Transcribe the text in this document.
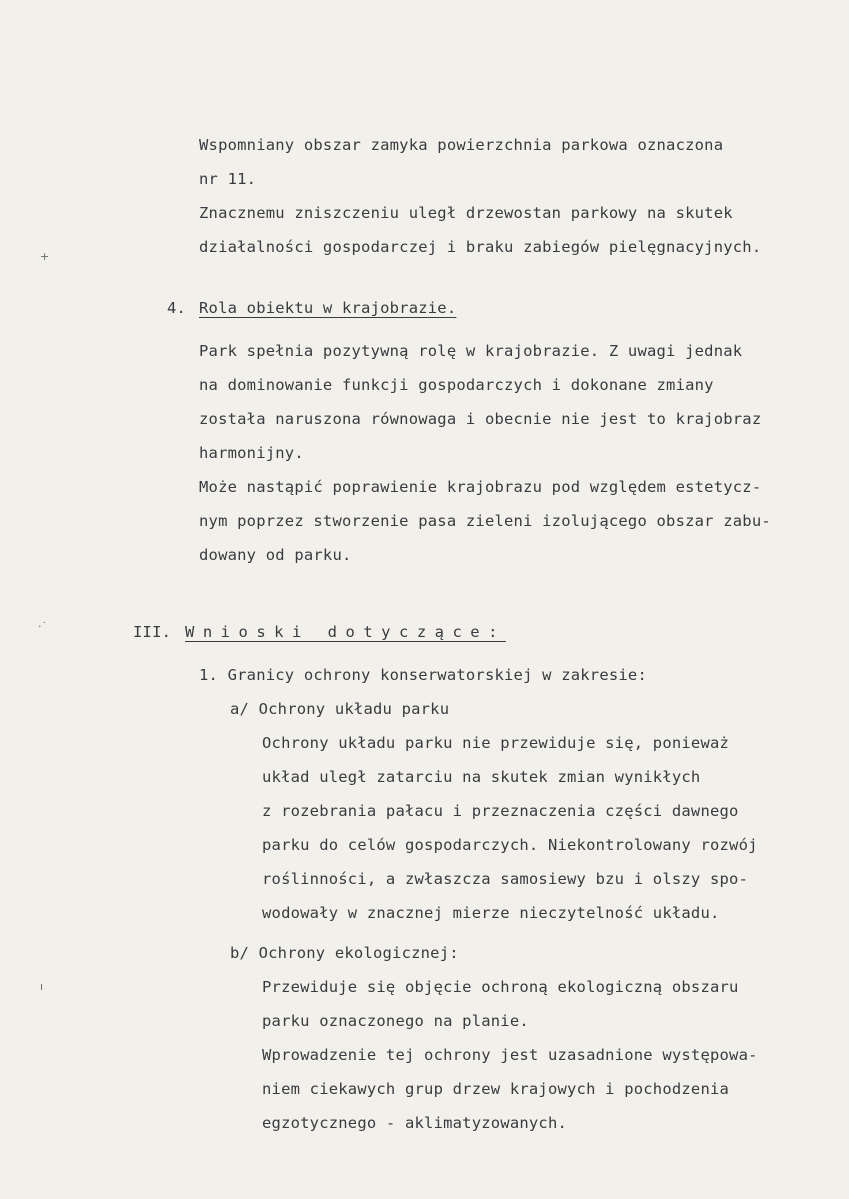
Wspomniany obszar zamyka powierzchnia parkowa oznaczona
nr 11.
Znacznemu zniszczeniu uległ drzewostan parkowy na skutek
działalności gospodarczej i braku zabiegów pielęgnacyjnych.
4. Rola obiektu w krajobrazie.
Park spełnia pozytywną rolę w krajobrazie. Z uwagi jednak
na dominowanie funkcji gospodarczych i dokonane zmiany
została naruszona równowaga i obecnie nie jest to krajobraz
harmonijny.
Może nastąpić poprawienie krajobrazu pod względem estetycz-
nym poprzez stworzenie pasa zieleni izolującego obszar zabu-
dowany od parku.
III. Wnioski dotyczące:
1. Granicy ochrony konserwatorskiej w zakresie:
a/ Ochrony układu parku
Ochrony układu parku nie przewiduje się, ponieważ
układ uległ zatarciu na skutek zmian wynikłych
z rozebrania pałacu i przeznaczenia części dawnego
parku do celów gospodarczych. Niekontrolowany rozwój
roślinności, a zwłaszcza samosiewy bzu i olszy spo-
wodowały w znacznej mierze nieczytelność układu.
b/ Ochrony ekologicznej:
Przewiduje się objęcie ochroną ekologiczną obszaru
parku oznaczonego na planie.
Wprowadzenie tej ochrony jest uzasadnione występowa-
niem ciekawych grup drzew krajowych i pochodzenia
egzotycznego - aklimatyzowanych.
+
·˙
ı
